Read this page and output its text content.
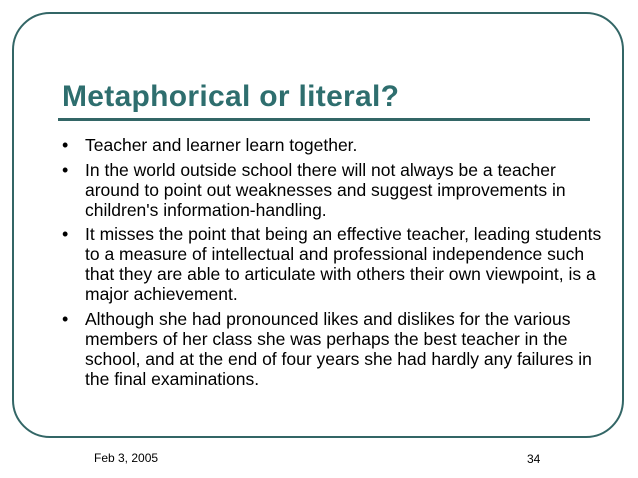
Metaphorical or literal?
• Teacher and learner learn together.
• In the world outside school there will not always be a teacher around to point out weaknesses and suggest improvements in children's information-handling.
• It misses the point that being an effective teacher, leading students to a measure of intellectual and professional independence such that they are able to articulate with others their own viewpoint, is a major achievement.
• Although she had pronounced likes and dislikes for the various members of her class she was perhaps the best teacher in the school, and at the end of four years she had hardly any failures in the final examinations.
Feb 3, 2005	34
